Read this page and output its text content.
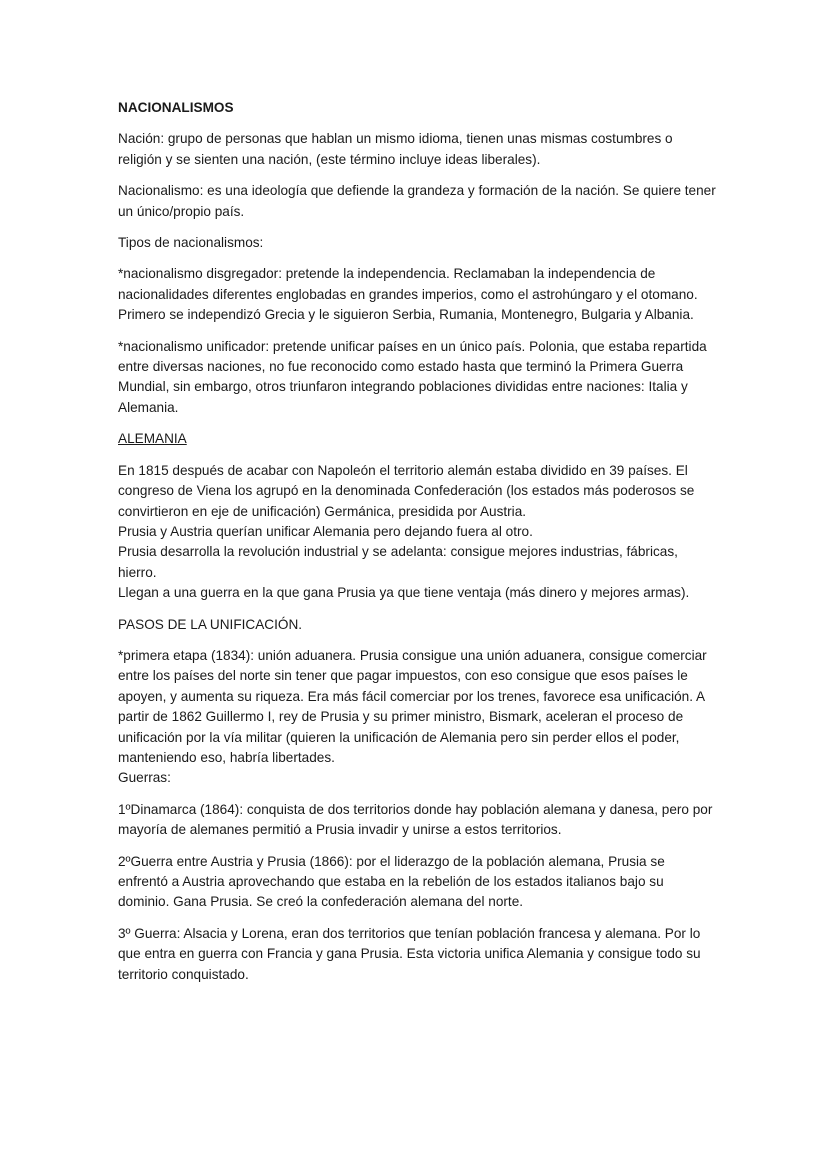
NACIONALISMOS

Nación: grupo de personas que hablan un mismo idioma, tienen unas mismas costumbres o religión y se sienten una nación, (este término incluye ideas liberales).

Nacionalismo: es una ideología que defiende la grandeza y formación de la nación. Se quiere tener un único/propio país.

Tipos de nacionalismos:

*nacionalismo disgregador: pretende la independencia. Reclamaban la independencia de nacionalidades diferentes englobadas en grandes imperios, como el astrohúngaro y el otomano. Primero se independizó Grecia y le siguieron Serbia, Rumania, Montenegro, Bulgaria y Albania.

*nacionalismo unificador: pretende unificar países en un único país. Polonia, que estaba repartida entre diversas naciones, no fue reconocido como estado hasta que terminó la Primera Guerra Mundial, sin embargo, otros triunfaron integrando poblaciones divididas entre naciones: Italia y Alemania.

ALEMANIA

En 1815 después de acabar con Napoleón el territorio alemán estaba dividido en 39 países. El congreso de Viena los agrupó en la denominada Confederación (los estados más poderosos se convirtieron en eje de unificación) Germánica, presidida por Austria.

Prusia y Austria querían unificar Alemania pero dejando fuera al otro.

Prusia desarrolla la revolución industrial y se adelanta: consigue mejores industrias, fábricas, hierro.

Llegan a una guerra en la que gana Prusia ya que tiene ventaja (más dinero y mejores armas).

PASOS DE LA UNIFICACIÓN.

*primera etapa (1834): unión aduanera. Prusia consigue una unión aduanera, consigue comerciar entre los países del norte sin tener que pagar impuestos, con eso consigue que esos países le apoyen, y aumenta su riqueza. Era más fácil comerciar por los trenes, favorece esa unificación. A partir de 1862 Guillermo I, rey de Prusia y su primer ministro, Bismark, aceleran el proceso de unificación por la vía militar (quieren la unificación de Alemania pero sin perder ellos el poder, manteniendo eso, habría libertades.

Guerras:

1ºDinamarca (1864): conquista de dos territorios donde hay población alemana y danesa, pero por mayoría de alemanes permitió a Prusia invadir y unirse a estos territorios.

2ºGuerra entre Austria y Prusia (1866): por el liderazgo de la población alemana, Prusia se enfrentó a Austria aprovechando que estaba en la rebelión de los estados italianos bajo su dominio. Gana Prusia. Se creó la confederación alemana del norte.

3º Guerra: Alsacia y Lorena, eran dos territorios que tenían población francesa y alemana. Por lo que entra en guerra con Francia y gana Prusia. Esta victoria unifica Alemania y consigue todo su territorio conquistado.
